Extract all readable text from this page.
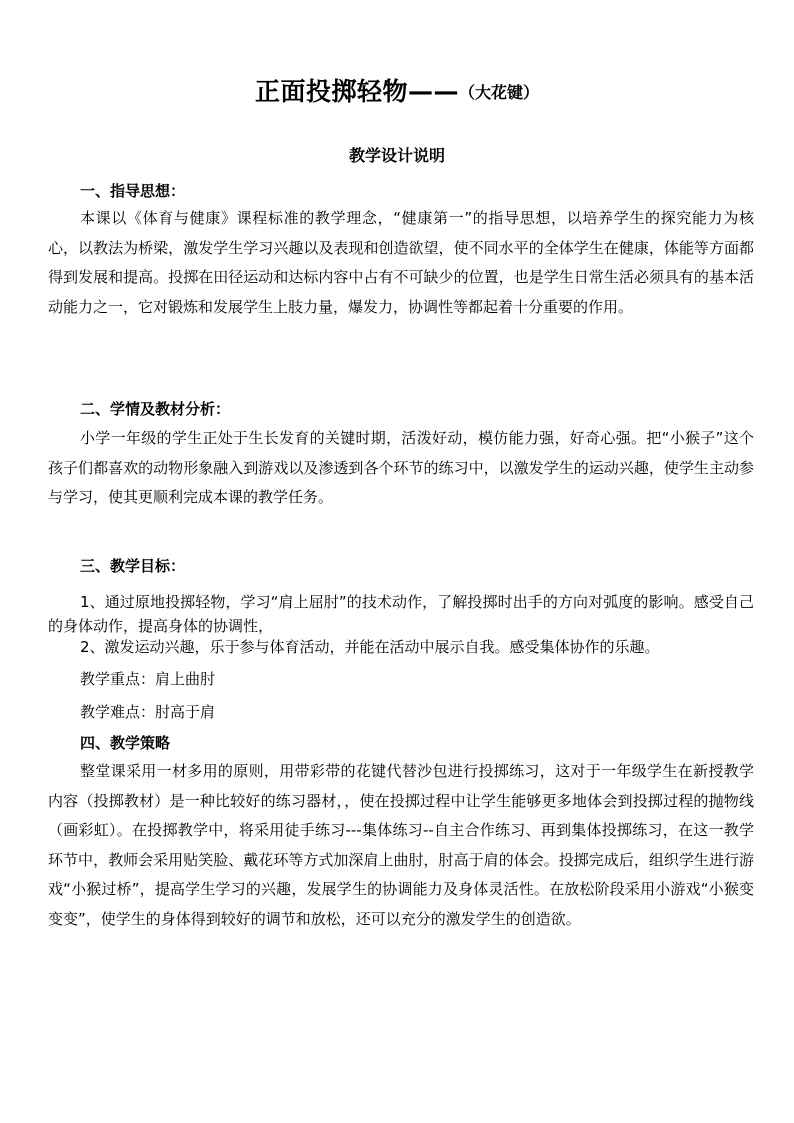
正面投掷轻物——（大花键）
教学设计说明
一、指导思想：

本课以《体育与健康》课程标准的教学理念，“健康第一”的指导思想，以培养学生的探究能力为核心，以教法为桥梁，激发学生学习兴趣以及表现和创造欲望，使不同水平的全体学生在健康，体能等方面都得到发展和提高。投掷在田径运动和达标内容中占有不可缺少的位置，也是学生日常生活必须具有的基本活动能力之一，它对锻炼和发展学生上肢力量，爆发力，协调性等都起着十分重要的作用。

二、学情及教材分析：

小学一年级的学生正处于生长发育的关键时期，活泼好动，模仿能力强，好奇心强。把“小猴子”这个孩子们都喜欢的动物形象融入到游戏以及渗透到各个环节的练习中，以激发学生的运动兴趣，使学生主动参与学习，使其更顺利完成本课的教学任务。

三、教学目标：

1、通过原地投掷轻物，学习“肩上屈肘”的技术动作，了解投掷时出手的方向对弧度的影响。感受自己的身体动作，提高身体的协调性，

2、激发运动兴趣，乐于参与体育活动，并能在活动中展示自我。感受集体协作的乐趣。
教学重点：肩上曲肘
教学难点：肘高于肩
四、教学策略

整堂课采用一材多用的原则，用带彩带的花键代替沙包进行投掷练习，这对于一年级学生在新授教学内容（投掷教材）是一种比较好的练习器材，，使在投掷过程中让学生能够更多地体会到投掷过程的抛物线（画彩虹）。在投掷教学中，将采用徒手练习---集体练习--自主合作练习、再到集体投掷练习，在这一教学环节中，教师会采用贴笑脸、戴花环等方式加深肩上曲肘，肘高于肩的体会。投掷完成后，组织学生进行游戏“小猴过桥”，提高学生学习的兴趣，发展学生的协调能力及身体灵活性。在放松阶段采用小游戏“小猴变变变”，使学生的身体得到较好的调节和放松，还可以充分的激发学生的创造欲。
